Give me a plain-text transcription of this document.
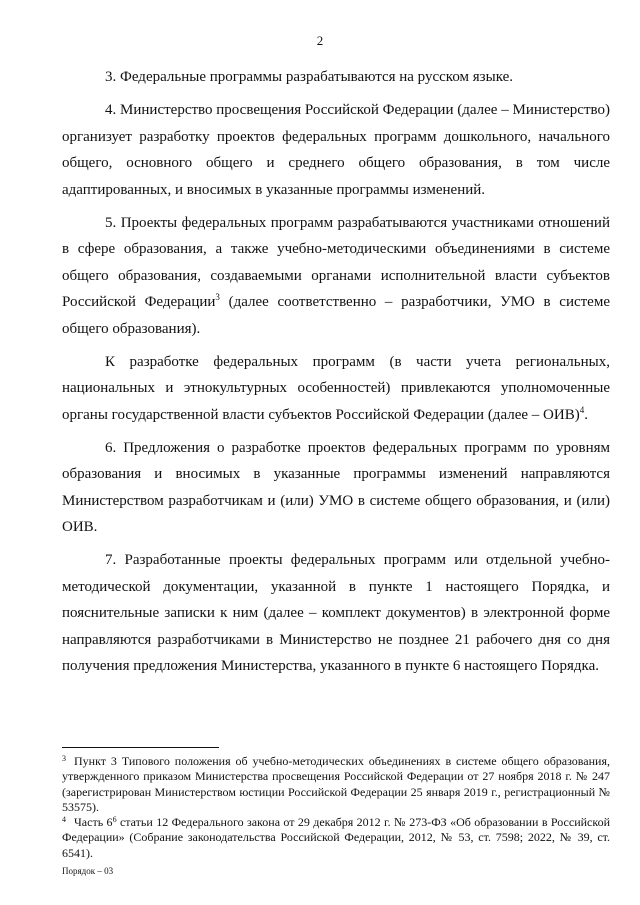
2

3. Федеральные программы разрабатываются на русском языке.

4. Министерство просвещения Российской Федерации (далее – Министерство) организует разработку проектов федеральных программ дошкольного, начального общего, основного общего и среднего общего образования, в том числе адаптированных, и вносимых в указанные программы изменений.

5. Проекты федеральных программ разрабатываются участниками отношений в сфере образования, а также учебно-методическими объединениями в системе общего образования, создаваемыми органами исполнительной власти субъектов Российской Федерации$^3$ (далее соответственно – разработчики, УМО в системе общего образования).

К разработке федеральных программ (в части учета региональных, национальных и этнокультурных особенностей) привлекаются уполномоченные органы государственной власти субъектов Российской Федерации (далее – ОИВ)$^4$.

6. Предложения о разработке проектов федеральных программ по уровням образования и вносимых в указанные программы изменений направляются Министерством разработчикам и (или) УМО в системе общего образования, и (или) ОИВ.

7. Разработанные проекты федеральных программ или отдельной учебно-методической документации, указанной в пункте 1 настоящего Порядка, и пояснительные записки к ним (далее – комплект документов) в электронной форме направляются разработчиками в Министерство не позднее 21 рабочего дня со дня получения предложения Министерства, указанного в пункте 6 настоящего Порядка.

3 Пункт 3 Типового положения об учебно-методических объединениях в системе общего образования, утвержденного приказом Министерства просвещения Российской Федерации от 27 ноября 2018 г. № 247 (зарегистрирован Министерством юстиции Российской Федерации 25 января 2019 г., регистрационный № 53575).

4 Часть $6^6$ статьи 12 Федерального закона от 29 декабря 2012 г. № 273-ФЗ «Об образовании в Российской Федерации» (Собрание законодательства Российской Федерации, 2012, № 53, ст. 7598; 2022, № 39, ст. 6541).

Порядок – 03
